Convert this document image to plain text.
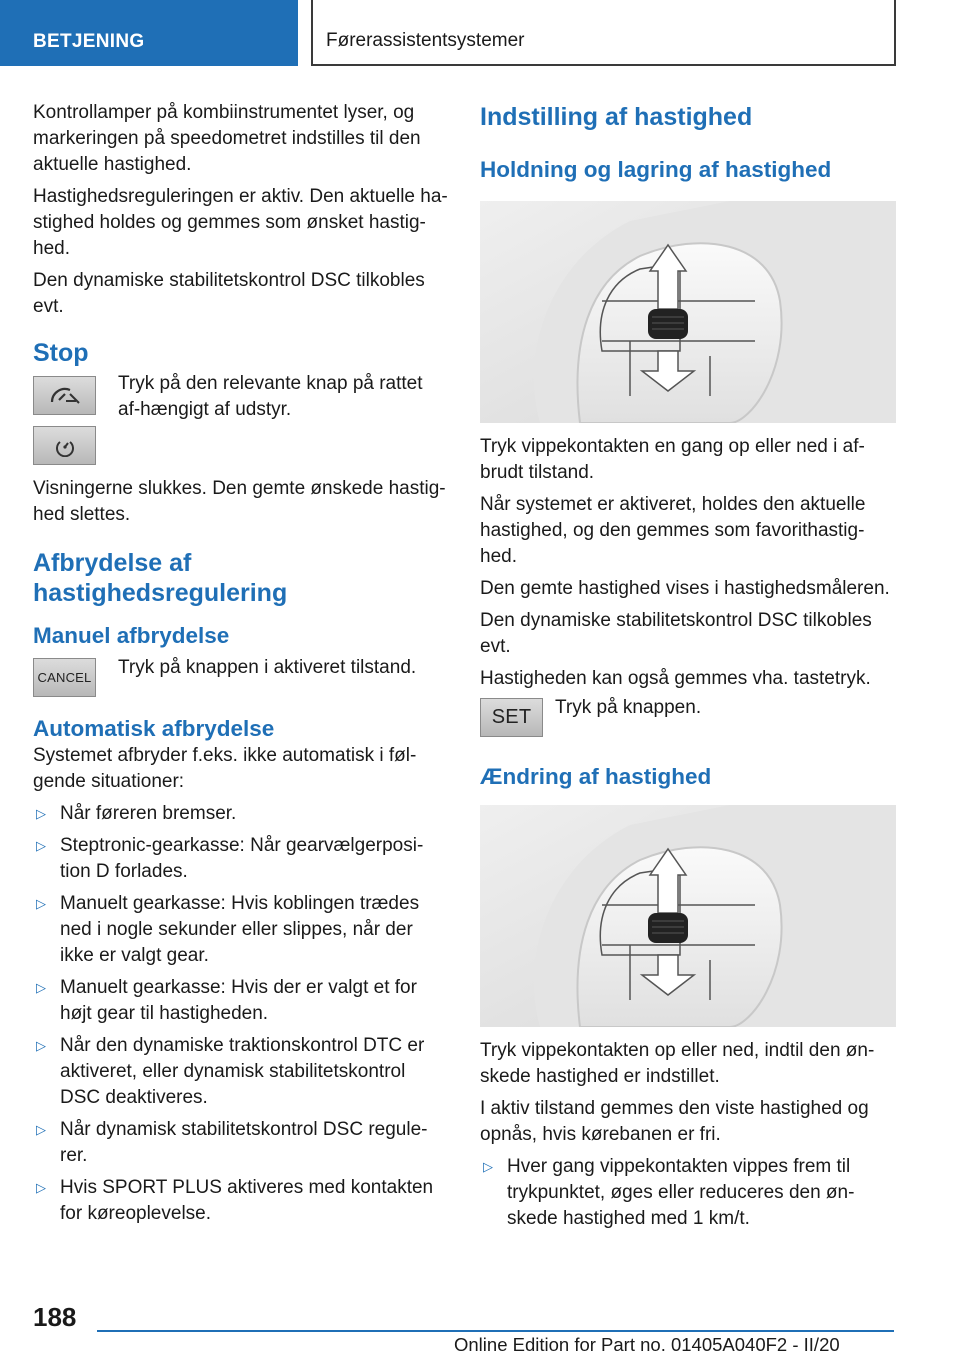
BETJENING	Førerassistentsystemer

Kontrollamper på kombiinstrumentet lyser, og markeringen på speedometret indstilles til den aktuelle hastighed.

Hastighedsreguleringen er aktiv. Den aktuelle ha-stighed holdes og gemmes som ønsket hastig-hed.

Den dynamiske stabilitetskontrol DSC tilkobles evt.

Stop

Tryk på den relevante knap på rattet af-hængigt af udstyr.

Visningerne slukkes. Den gemte ønskede hastig-hed slettes.

Afbrydelse af
hastighedsregulering
Manuel afbrydelse
CANCEL Tryk på knappen i aktiveret tilstand.

Automatisk afbrydelse

Systemet afbryder f.eks. ikke automatisk i føl-gende situationer:

▷ Når føreren bremser.
▷ Steptronic-gearkasse: Når gearvælgerposi-tion D forlades.
▷ Manuelt gearkasse: Hvis koblingen trædes ned i nogle sekunder eller slippes, når der ikke er valgt gear.
▷ Manuelt gearkasse: Hvis der er valgt et for højt gear til hastigheden.
▷ Når den dynamiske traktionskontrol DTC er aktiveret, eller dynamisk stabilitetskontrol DSC deaktiveres.
▷ Når dynamisk stabilitetskontrol DSC regule-rer.
▷ Hvis SPORT PLUS aktiveres med kontakten for køreoplevelse.
Indstilling af hastighed
Holdning og lagring af hastighed

Tryk vippekontakten en gang op eller ned i af-brudt tilstand.

Når systemet er aktiveret, holdes den aktuelle hastighed, og den gemmes som favorithastig-hed.

Den gemte hastighed vises i hastighedsmåleren.

Den dynamiske stabilitetskontrol DSC tilkobles evt.

Hastigheden kan også gemmes vha. tastetryk.

SET Tryk på knappen.

Ændring af hastighed

Tryk vippekontakten op eller ned, indtil den øn-skede hastighed er indstillet.

I aktiv tilstand gemmes den viste hastighed og opnås, hvis kørebanen er fri.

▷ Hver gang vippekontakten vippes frem til trykpunktet, øges eller reduceres den øn-skede hastighed med 1 km/t.
188
Online Edition for Part no. 01405A040F2 - II/20
